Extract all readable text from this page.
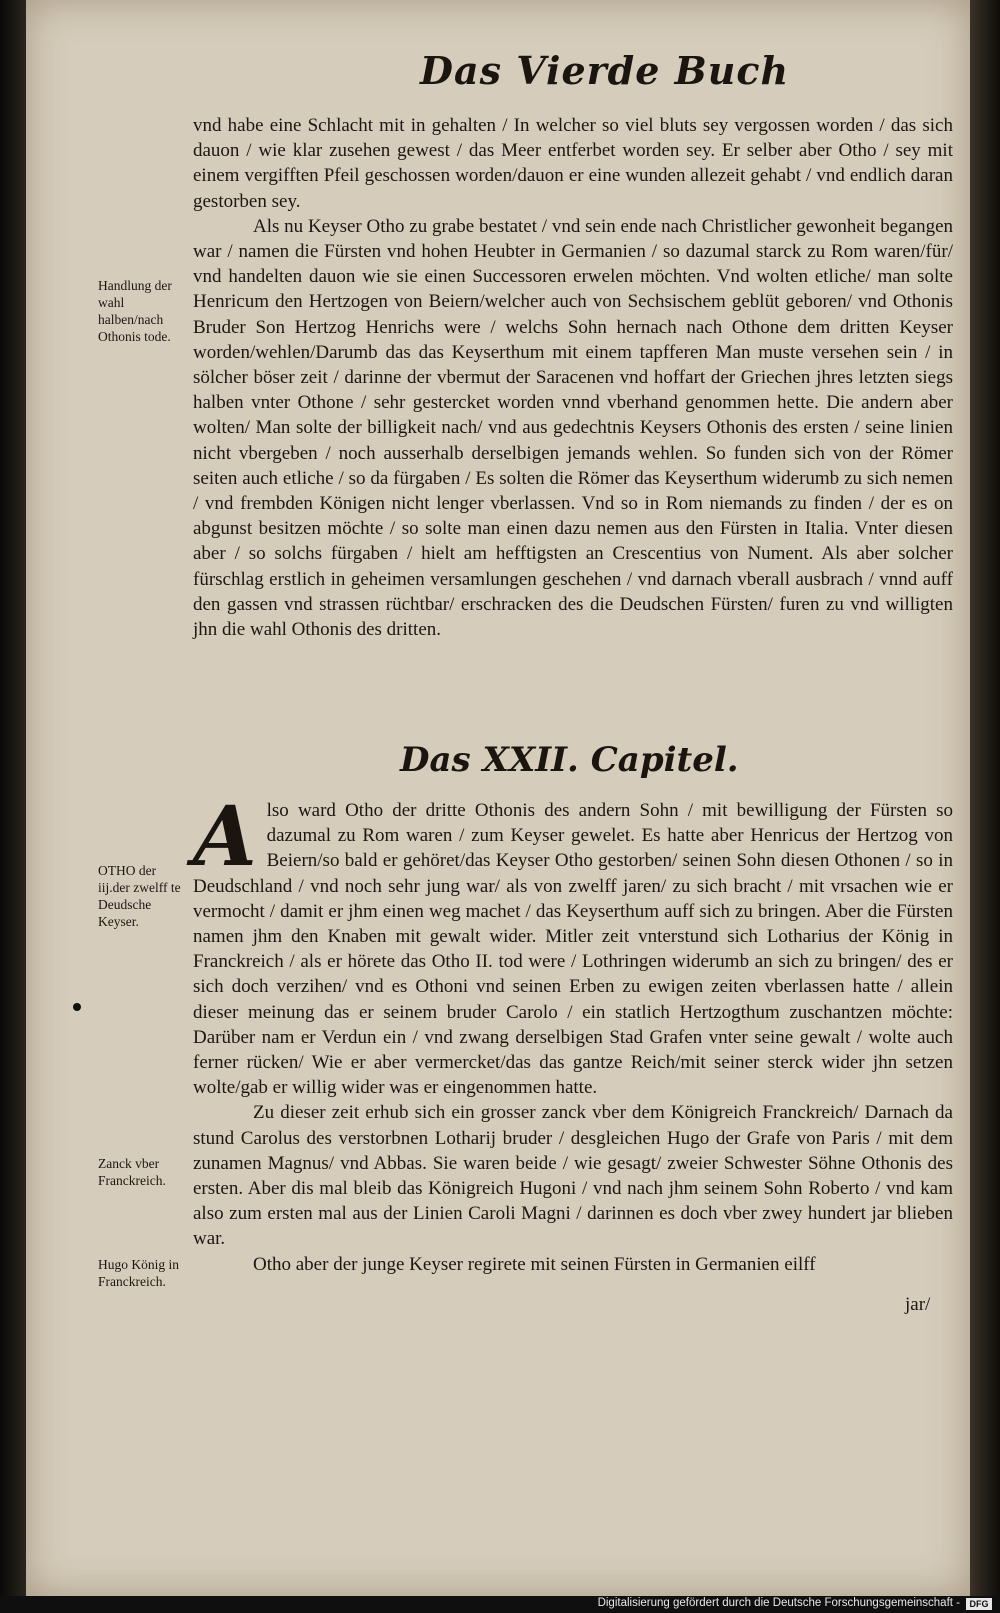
Das Vierde Buch

vnd habe eine Schlacht mit in gehalten / In welcher so viel bluts sey vergossen worden / das sich dauon / wie klar zusehen gewest / das Meer entferbet worden sey. Er selber aber Otho / sey mit einem vergifften Pfeil geschossen worden/dauon er eine wunden allezeit gehabt / vnd endlich daran gestorben sey.

Als nu Keyser Otho zu grabe bestatet / vnd sein ende nach Christlicher gewonheit begangen war / namen die Fürsten vnd hohen Heubter in Germanien / so dazumal starck zu Rom waren/für/ vnd handelten dauon wie sie einen Successoren erwelen möchten. Vnd wolten etliche/ man solte Henricum den Hertzogen von Beiern/welcher auch von Sechsischem geblüt geboren/ vnd Othonis Bruder Son Hertzog Henrichs were / welchs Sohn hernach nach Othone dem dritten Keyser worden/wehlen/Darumb das das Keyserthum mit einem tapfferen Man muste versehen sein / in sölcher böser zeit / darinne der vbermut der Saracenen vnd hoffart der Griechen jhres letzten siegs halben vnter Othone / sehr gestercket worden vnnd vberhand genommen hette. Die andern aber wolten/ Man solte der billigkeit nach/ vnd aus gedechtnis Keysers Othonis des ersten / seine linien nicht vbergeben / noch ausserhalb derselbigen jemands wehlen. So funden sich von der Römer seiten auch etliche / so da fürgaben / Es solten die Römer das Keyserthum widerumb zu sich nemen / vnd frembden Königen nicht lenger vberlassen. Vnd so in Rom niemands zu finden / der es on abgunst besitzen möchte / so solte man einen dazu nemen aus den Fürsten in Italia. Vnter diesen aber / so solchs fürgaben / hielt am hefftigsten an Crescentius von Nument. Als aber solcher fürschlag erstlich in geheimen versamlungen geschehen / vnd darnach vberall ausbrach / vnnd auff den gassen vnd strassen rüchtbar/ erschracken des die Deudschen Fürsten/ furen zu vnd willigten jhn die wahl Othonis des dritten.

Handlung der wahl halben/nach Othonis tode.
Das XXII. Capitel.
A lso ward Otho der dritte Othonis des andern Sohn / mit bewilligung der Fürsten so dazumal zu Rom waren / zum Keyser gewelet. Es hatte aber Henricus der Hertzog von Beiern/so bald er gehöret/das Keyser Otho gestorben/ seinen Sohn diesen Othonen / so in Deudschland / vnd noch sehr jung war/ als von zwelff jaren/ zu sich bracht / mit vrsachen wie er vermocht / damit er jhm einen weg machet / das Keyserthum auff sich zu bringen. Aber die Fürsten namen jhm den Knaben mit gewalt wider. Mitler zeit vnterstund sich Lotharius der König in Franckreich / als er hörete das Otho II. tod were / Lothringen widerumb an sich zu bringen/ des er sich doch verzihen/ vnd es Othoni vnd seinen Erben zu ewigen zeiten vberlassen hatte / allein dieser meinung das er seinem bruder Carolo / ein statlich Hertzogthum zuschantzen möchte: Darüber nam er Verdun ein / vnd zwang derselbigen Stad Grafen vnter seine gewalt / wolte auch ferner rücken/ Wie er aber vermercket/das das gantze Reich/mit seiner sterck wider jhn setzen wolte/gab er willig wider was er eingenommen hatte.

Zu dieser zeit erhub sich ein grosser zanck vber dem Königreich Franckreich/ Darnach da stund Carolus des verstorbnen Lotharij bruder / desgleichen Hugo der Grafe von Paris / mit dem zunamen Magnus/ vnd Abbas. Sie waren beide / wie gesagt/ zweier Schwester Söhne Othonis des ersten. Aber dis mal bleib das Königreich Hugoni / vnd nach jhm seinem Sohn Roberto / vnd kam also zum ersten mal aus der Linien Caroli Magni / darinnen es doch vber zwey hundert jar blieben war.

Otho aber der junge Keyser regirete mit seinen Fürsten in Germanien eilff

OTHO der iij.der zwelff te Deudsche Keyser.
Zanck vber Franckreich.
Hugo König in Franckreich.
jar/
Digitalisierung gefördert durch die Deutsche Forschungsgemeinschaft -	DFG
